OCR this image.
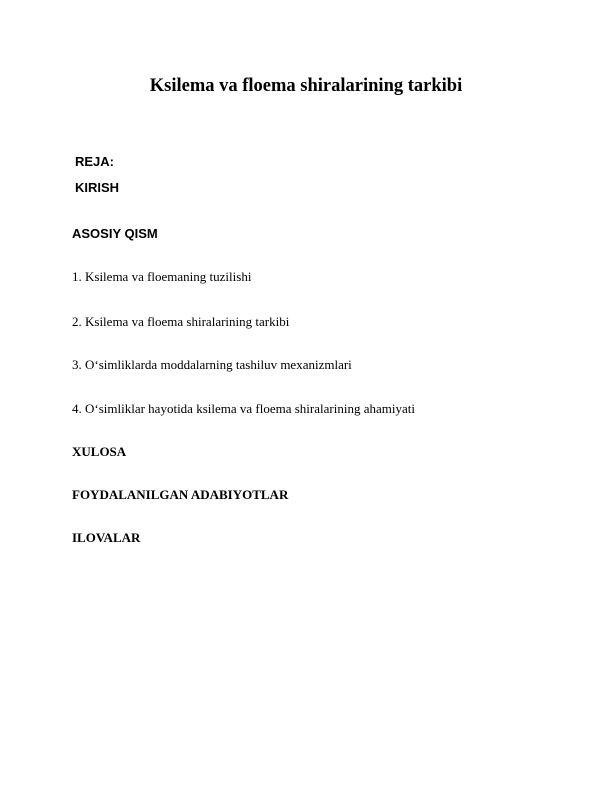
Ksilema va floema shiralarining tarkibi
REJA:
KIRISH
ASOSIY QISM
1. Ksilema va floemaning tuzilishi
2. Ksilema va floema shiralarining tarkibi
3. O‘simliklarda moddalarning tashiluv mexanizmlari
4. O‘simliklar hayotida ksilema va floema shiralarining ahamiyati
XULOSA
FOYDALANILGAN ADABIYOTLAR
ILOVALAR
